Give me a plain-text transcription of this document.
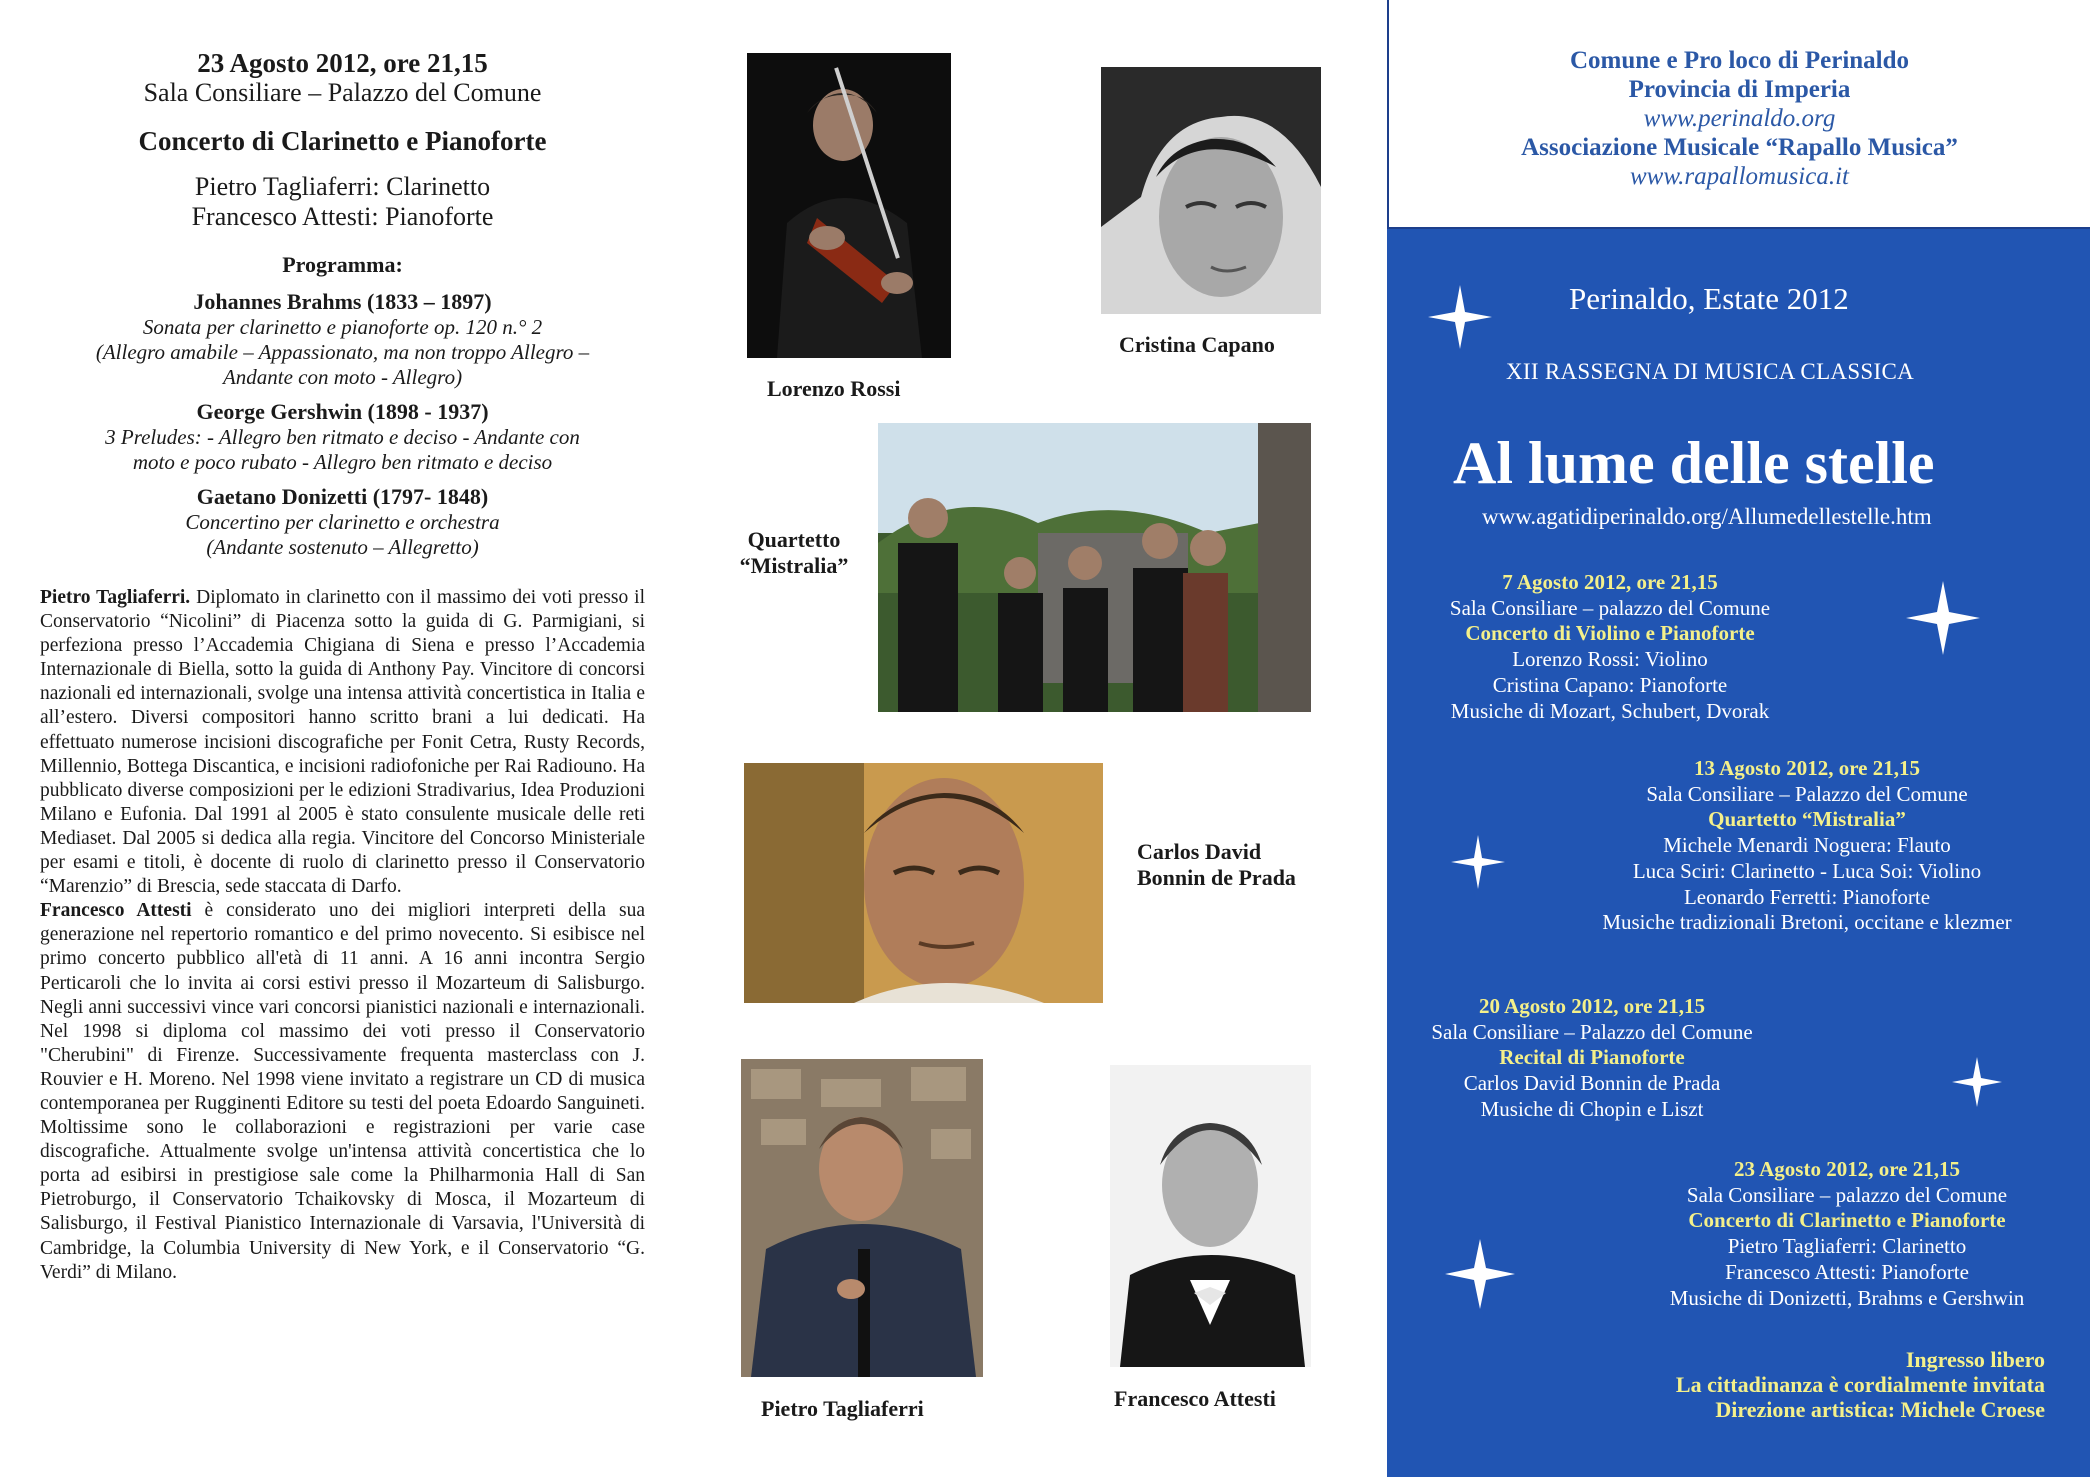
23 Agosto 2012, ore 21,15

Sala Consiliare – Palazzo del Comune

Concerto di Clarinetto e Pianoforte

Pietro Tagliaferri: Clarinetto

Francesco Attesti: Pianoforte

Programma:

Johannes Brahms (1833 – 1897)
Sonata per clarinetto e pianoforte op. 120 n.° 2
(Allegro amabile – Appassionato, ma non troppo Allegro –
Andante con moto - Allegro)
George Gershwin (1898 - 1937)
3 Preludes: - Allegro ben ritmato e deciso - Andante con
moto e poco rubato - Allegro ben ritmato e deciso
Gaetano Donizetti (1797- 1848)
Concertino per clarinetto e orchestra
(Andante sostenuto – Allegretto)

Pietro Tagliaferri. Diplomato in clarinetto con il massimo dei voti presso il Conservatorio “Nicolini” di Piacenza sotto la guida di G. Parmigiani, si perfeziona presso l’Accademia Chigiana di Siena e presso l’Accademia Internazionale di Biella, sotto la guida di Anthony Pay. Vincitore di concorsi nazionali ed internazionali, svolge una intensa attività concertistica in Italia e all’estero. Diversi compositori hanno scritto brani a lui dedicati. Ha effettuato numerose incisioni discografiche per Fonit Cetra, Rusty Records, Millennio, Bottega Discantica, e incisioni radiofoniche per Rai Radiouno. Ha pubblicato diverse composizioni per le edizioni Stradivarius, Idea Produzioni Milano e Eufonia. Dal 1991 al 2005 è stato consulente musicale delle reti Mediaset. Dal 2005 si dedica alla regia. Vincitore del Concorso Ministeriale per esami e titoli, è docente di ruolo di clarinetto presso il Conservatorio “Marenzio” di Brescia, sede staccata di Darfo.

Francesco Attesti è considerato uno dei migliori interpreti della sua generazione nel repertorio romantico e del primo novecento. Si esibisce nel primo concerto pubblico all'età di 11 anni. A 16 anni incontra Sergio Perticaroli che lo invita ai corsi estivi presso il Mozarteum di Salisburgo. Negli anni successivi vince vari concorsi pianistici nazionali e internazionali. Nel 1998 si diploma col massimo dei voti presso il Conservatorio "Cherubini" di Firenze. Successivamente frequenta masterclass con J. Rouvier e H. Moreno. Nel 1998 viene invitato a registrare un CD di musica contemporanea per Rugginenti Editore su testi del poeta Edoardo Sanguineti. Moltissime sono le collaborazioni e registrazioni per varie case discografiche. Attualmente svolge un'intensa attività concertistica che lo porta ad esibirsi in prestigiose sale come la Philharmonia Hall di San Pietroburgo, il Conservatorio Tchaikovsky di Mosca, il Mozarteum di Salisburgo, il Festival Pianistico Internazionale di Varsavia, l'Università di Cambridge, la Columbia University di New York, e il Conservatorio “G. Verdi” di Milano.

Lorenzo Rossi
Cristina Capano
Quartetto
“Mistralia”
Carlos David
Bonnin de Prada
Pietro Tagliaferri	Francesco Attesti
Comune e Pro loco di Perinaldo
Provincia di Imperia
www.perinaldo.org
Associazione Musicale “Rapallo Musica”
www.rapallomusica.it
Perinaldo, Estate 2012
XII RASSEGNA DI MUSICA CLASSICA
Al lume delle stelle
www.agatidiperinaldo.org/Allumedellestelle.htm
7 Agosto 2012, ore 21,15
Sala Consiliare – palazzo del Comune
Concerto di Violino e Pianoforte
Lorenzo Rossi: Violino
Cristina Capano: Pianoforte
Musiche di Mozart, Schubert, Dvorak
13 Agosto 2012, ore 21,15
Sala Consiliare – Palazzo del Comune
Quartetto “Mistralia”
Michele Menardi Noguera: Flauto
Luca Sciri: Clarinetto - Luca Soi: Violino
Leonardo Ferretti: Pianoforte
Musiche tradizionali Bretoni, occitane e klezmer
20 Agosto 2012, ore 21,15
Sala Consiliare – Palazzo del Comune
Recital di Pianoforte
Carlos David Bonnin de Prada
Musiche di Chopin e Liszt
23 Agosto 2012, ore 21,15
Sala Consiliare – palazzo del Comune
Concerto di Clarinetto e Pianoforte
Pietro Tagliaferri: Clarinetto
Francesco Attesti: Pianoforte
Musiche di Donizetti, Brahms e Gershwin
Ingresso libero
La cittadinanza è cordialmente invitata
Direzione artistica: Michele Croese
